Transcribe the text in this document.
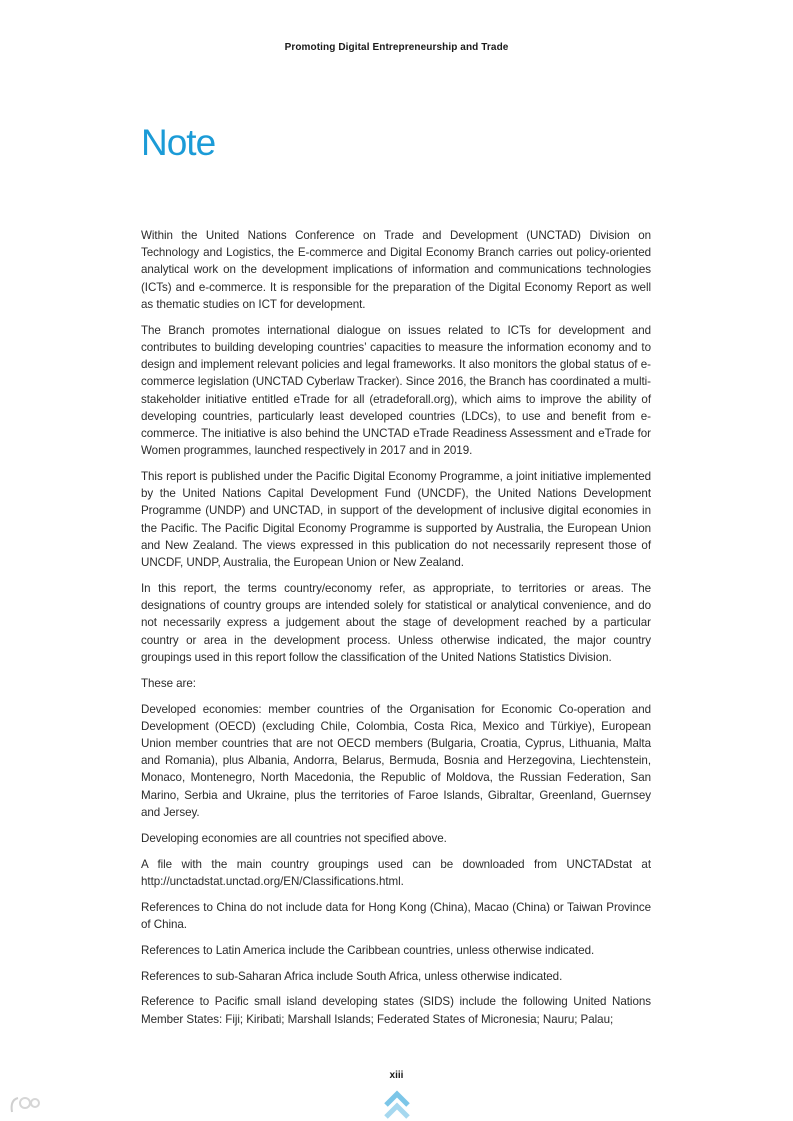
Promoting Digital Entrepreneurship and Trade
Note

Within the United Nations Conference on Trade and Development (UNCTAD) Division on Technology and Logistics, the E-commerce and Digital Economy Branch carries out policy-oriented analytical work on the development implications of information and communications technologies (ICTs) and e-commerce. It is responsible for the preparation of the Digital Economy Report as well as thematic studies on ICT for development.

The Branch promotes international dialogue on issues related to ICTs for development and contributes to building developing countries’ capacities to measure the information economy and to design and implement relevant policies and legal frameworks. It also monitors the global status of e-commerce legislation (UNCTAD Cyberlaw Tracker). Since 2016, the Branch has coordinated a multi-stakeholder initiative entitled eTrade for all (etradeforall.org), which aims to improve the ability of developing countries, particularly least developed countries (LDCs), to use and benefit from e-commerce. The initiative is also behind the UNCTAD eTrade Readiness Assessment and eTrade for Women programmes, launched respectively in 2017 and in 2019.

This report is published under the Pacific Digital Economy Programme, a joint initiative implemented by the United Nations Capital Development Fund (UNCDF), the United Nations Development Programme (UNDP) and UNCTAD, in support of the development of inclusive digital economies in the Pacific. The Pacific Digital Economy Programme is supported by Australia, the European Union and New Zealand. The views expressed in this publication do not necessarily represent those of UNCDF, UNDP, Australia, the European Union or New Zealand.

In this report, the terms country/economy refer, as appropriate, to territories or areas. The designations of country groups are intended solely for statistical or analytical convenience, and do not necessarily express a judgement about the stage of development reached by a particular country or area in the development process. Unless otherwise indicated, the major country groupings used in this report follow the classification of the United Nations Statistics Division.

These are:

Developed economies: member countries of the Organisation for Economic Co-operation and Development (OECD) (excluding Chile, Colombia, Costa Rica, Mexico and Türkiye), European Union member countries that are not OECD members (Bulgaria, Croatia, Cyprus, Lithuania, Malta and Romania), plus Albania, Andorra, Belarus, Bermuda, Bosnia and Herzegovina, Liechtenstein, Monaco, Montenegro, North Macedonia, the Republic of Moldova, the Russian Federation, San Marino, Serbia and Ukraine, plus the territories of Faroe Islands, Gibraltar, Greenland, Guernsey and Jersey.

Developing economies are all countries not specified above.

A file with the main country groupings used can be downloaded from UNCTADstat at http://unctadstat.unctad.org/EN/Classifications.html.

References to China do not include data for Hong Kong (China), Macao (China) or Taiwan Province of China.

References to Latin America include the Caribbean countries, unless otherwise indicated.

References to sub-Saharan Africa include South Africa, unless otherwise indicated.

Reference to Pacific small island developing states (SIDS) include the following United Nations Member States: Fiji; Kiribati; Marshall Islands; Federated States of Micronesia; Nauru; Palau;

xiii
